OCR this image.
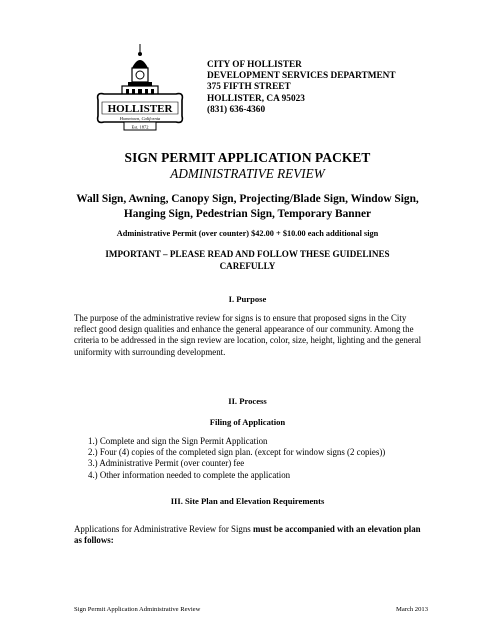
HOLLISTER
Hometown, California
Est. 1872
CITY OF HOLLISTER
DEVELOPMENT SERVICES DEPARTMENT
375 FIFTH STREET
HOLLISTER, CA 95023
(831) 636-4360
SIGN PERMIT APPLICATION PACKET
ADMINISTRATIVE REVIEW
Wall Sign, Awning, Canopy Sign, Projecting/Blade Sign, Window Sign,
Hanging Sign, Pedestrian Sign, Temporary Banner
Administrative Permit (over counter) $42.00 + $10.00 each additional sign
IMPORTANT – PLEASE READ AND FOLLOW THESE GUIDELINES
CAREFULLY
I. Purpose
The purpose of the administrative review for signs is to ensure that proposed signs in the City reflect good design qualities and enhance the general appearance of our community. Among the criteria to be addressed in the sign review are location, color, size, height, lighting and the general uniformity with surrounding development.
II. Process
Filing of Application
1.) Complete and sign the Sign Permit Application
2.) Four (4) copies of the completed sign plan. (except for window signs (2 copies))
3.) Administrative Permit (over counter) fee
4.) Other information needed to complete the application
III. Site Plan and Elevation Requirements
Applications for Administrative Review for Signs must be accompanied with an elevation plan as follows:
Sign Permit Application Administrative Review	March 2013
